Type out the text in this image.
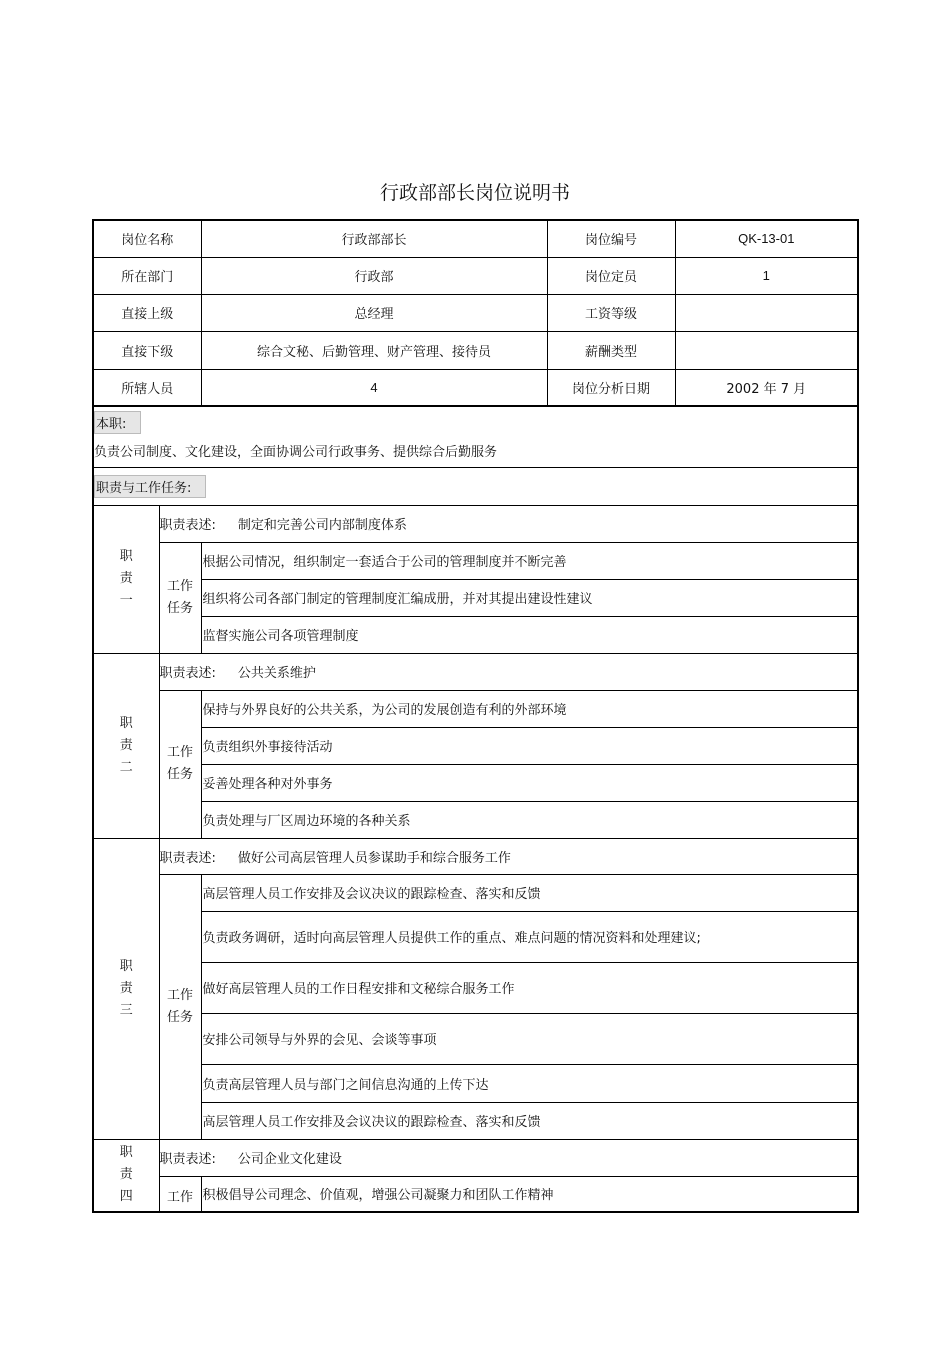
行政部部长岗位说明书
岗位名称		行政部部长	岗位编号	QK-13-01
所在部门		行政部	岗位定员	1
直接上级		总经理	工资等级	
直接下级		综合文秘、后勤管理、财产管理、接待员	薪酬类型	
所辖人员		4	岗位分析日期	2002 年 7 月

本职:
负责公司制度、文化建设，全面协调公司行政事务、提供综合后勤服务				

职责与工作任务:				

职
责
一	职责表述: 制定和完善公司内部制度体系			

	工作
任务	根据公司情况，组织制定一套适合于公司的管理制度并不断完善		
		组织将公司各部门制定的管理制度汇编成册，并对其提出建设性建议		
		监督实施公司各项管理制度		

职
责
二	职责表述: 公共关系维护			

	工作
任务	保持与外界良好的公共关系，为公司的发展创造有利的外部环境		
		负责组织外事接待活动		
		妥善处理各种对外事务		
		负责处理与厂区周边环境的各种关系		

职
责
三	职责表述: 做好公司高层管理人员参谋助手和综合服务工作			

	工作
任务	高层管理人员工作安排及会议决议的跟踪检查、落实和反馈		
		负责政务调研，适时向高层管理人员提供工作的重点、难点问题的情况资料和处理建议;		
		做好高层管理人员的工作日程安排和文秘综合服务工作		
		安排公司领导与外界的会见、会谈等事项		
		负责高层管理人员与部门之间信息沟通的上传下达		
		高层管理人员工作安排及会议决议的跟踪检查、落实和反馈		

职
责
四	职责表述: 公司企业文化建设			
	工作	积极倡导公司理念、价值观，增强公司凝聚力和团队工作精神		
